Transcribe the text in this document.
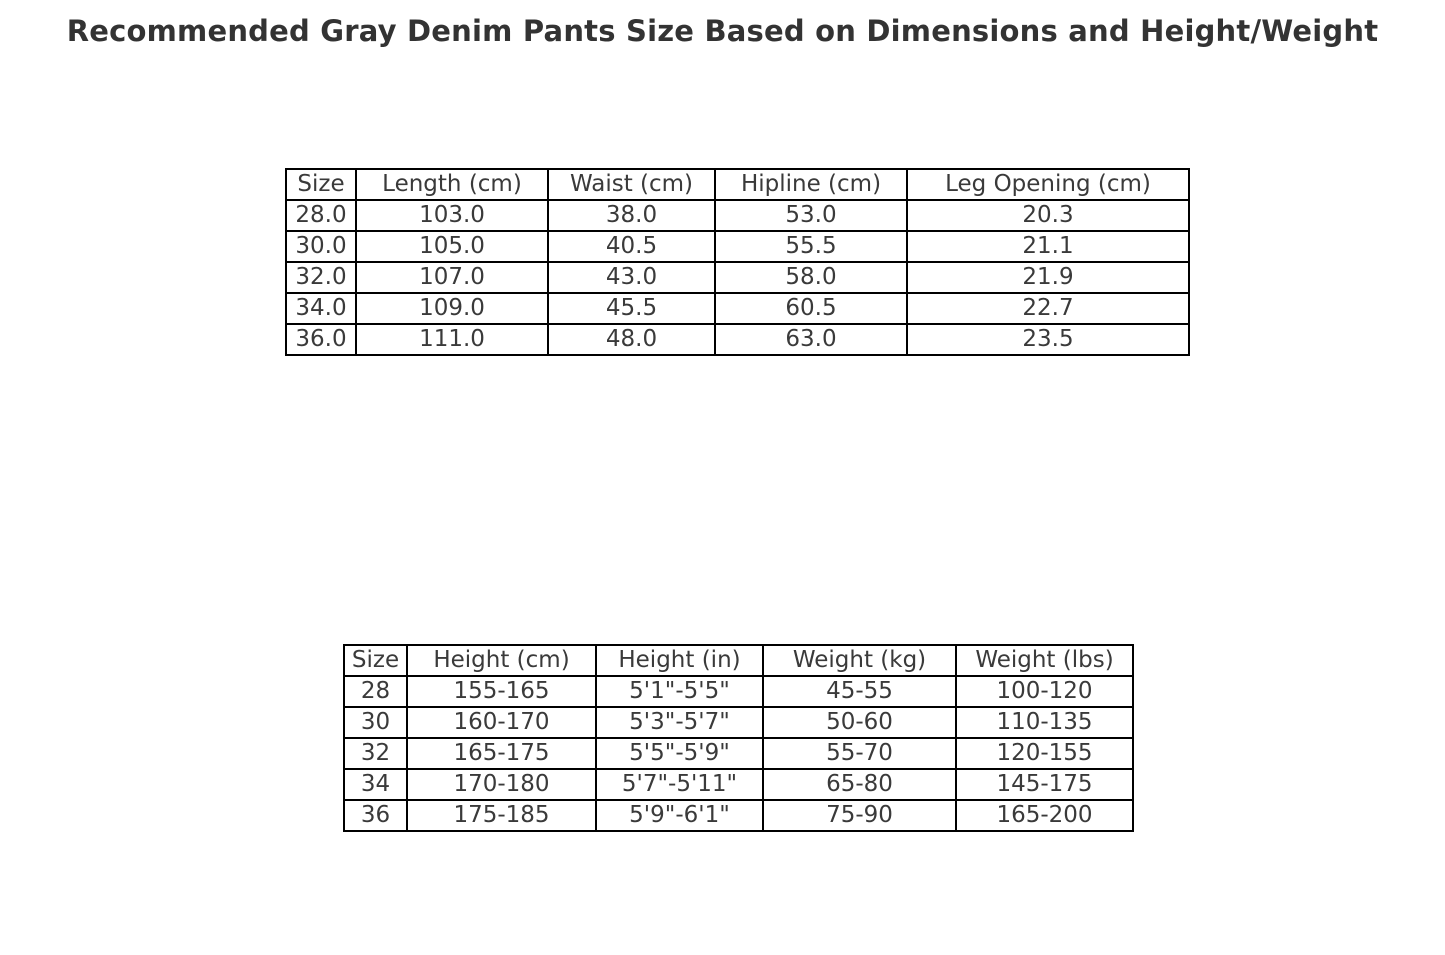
Recommended Gray Denim Pants Size Based on Dimensions and Height/Weight
Size	Length (cm)	Waist (cm)	Hipline (cm)	Leg Opening (cm)
28.0	103.0	38.0	53.0	20.3
30.0	105.0	40.5	55.5	21.1
32.0	107.0	43.0	58.0	21.9
34.0	109.0	45.5	60.5	22.7
36.0	111.0	48.0	63.0	23.5
Size	Height (cm)	Height (in)	Weight (kg)	Weight (lbs)
28	155-165	5'1"-5'5"	45-55	100-120
30	160-170	5'3"-5'7"	50-60	110-135
32	165-175	5'5"-5'9"	55-70	120-155
34	170-180	5'7"-5'11"	65-80	145-175
36	175-185	5'9"-6'1"	75-90	165-200
